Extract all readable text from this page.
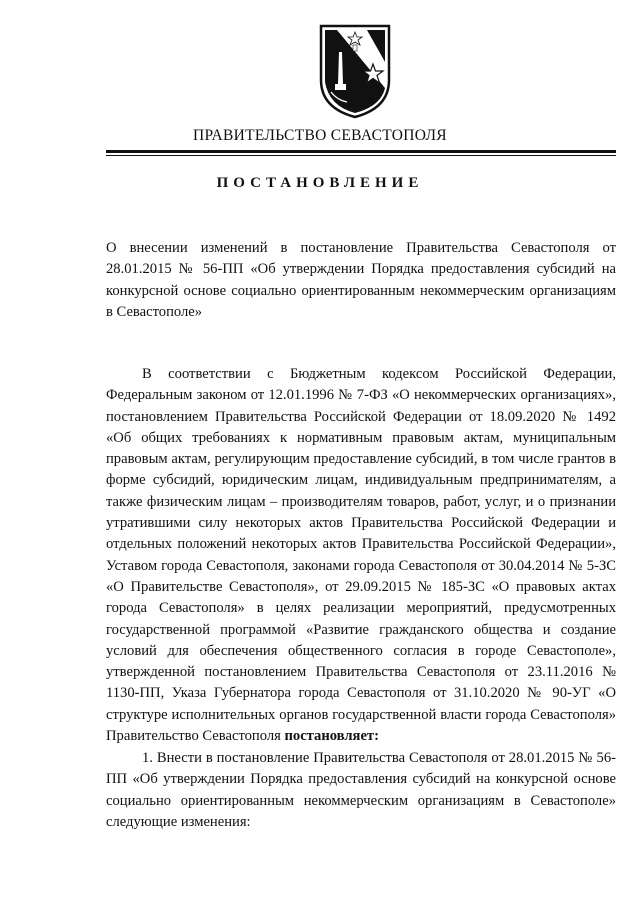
ПРАВИТЕЛЬСТВО СЕВАСТОПОЛЯ
ПОСТАНОВЛЕНИЕ
О внесении изменений в постановление Правительства Севастополя от 28.01.2015 № 56-ПП «Об утверждении Порядка предоставления субсидий на конкурсной основе социально ориентированным некоммерческим организациям в Севастополе»
В соответствии с Бюджетным кодексом Российской Федерации, Федеральным законом от 12.01.1996 № 7-ФЗ «О некоммерческих организациях», постановлением Правительства Российской Федерации от 18.09.2020 № 1492 «Об общих требованиях к нормативным правовым актам, муниципальным правовым актам, регулирующим предоставление субсидий, в том числе грантов в форме субсидий, юридическим лицам, индивидуальным предпринимателям, а также физическим лицам – производителям товаров, работ, услуг, и о признании утратившими силу некоторых актов Правительства Российской Федерации и отдельных положений некоторых актов Правительства Российской Федерации», Уставом города Севастополя, законами города Севастополя от 30.04.2014 № 5-ЗС «О Правительстве Севастополя», от 29.09.2015 № 185-ЗС «О правовых актах города Севастополя» в целях реализации мероприятий, предусмотренных государственной программой «Развитие гражданского общества и создание условий для обеспечения общественного согласия в городе Севастополе», утвержденной постановлением Правительства Севастополя от 23.11.2016 № 1130-ПП, Указа Губернатора города Севастополя от 31.10.2020 № 90-УГ «О структуре исполнительных органов государственной власти города Севастополя» Правительство Севастополя постановляет:
1. Внести в постановление Правительства Севастополя от 28.01.2015 № 56-ПП «Об утверждении Порядка предоставления субсидий на конкурсной основе социально ориентированным некоммерческим организациям в Севастополе» следующие изменения:
